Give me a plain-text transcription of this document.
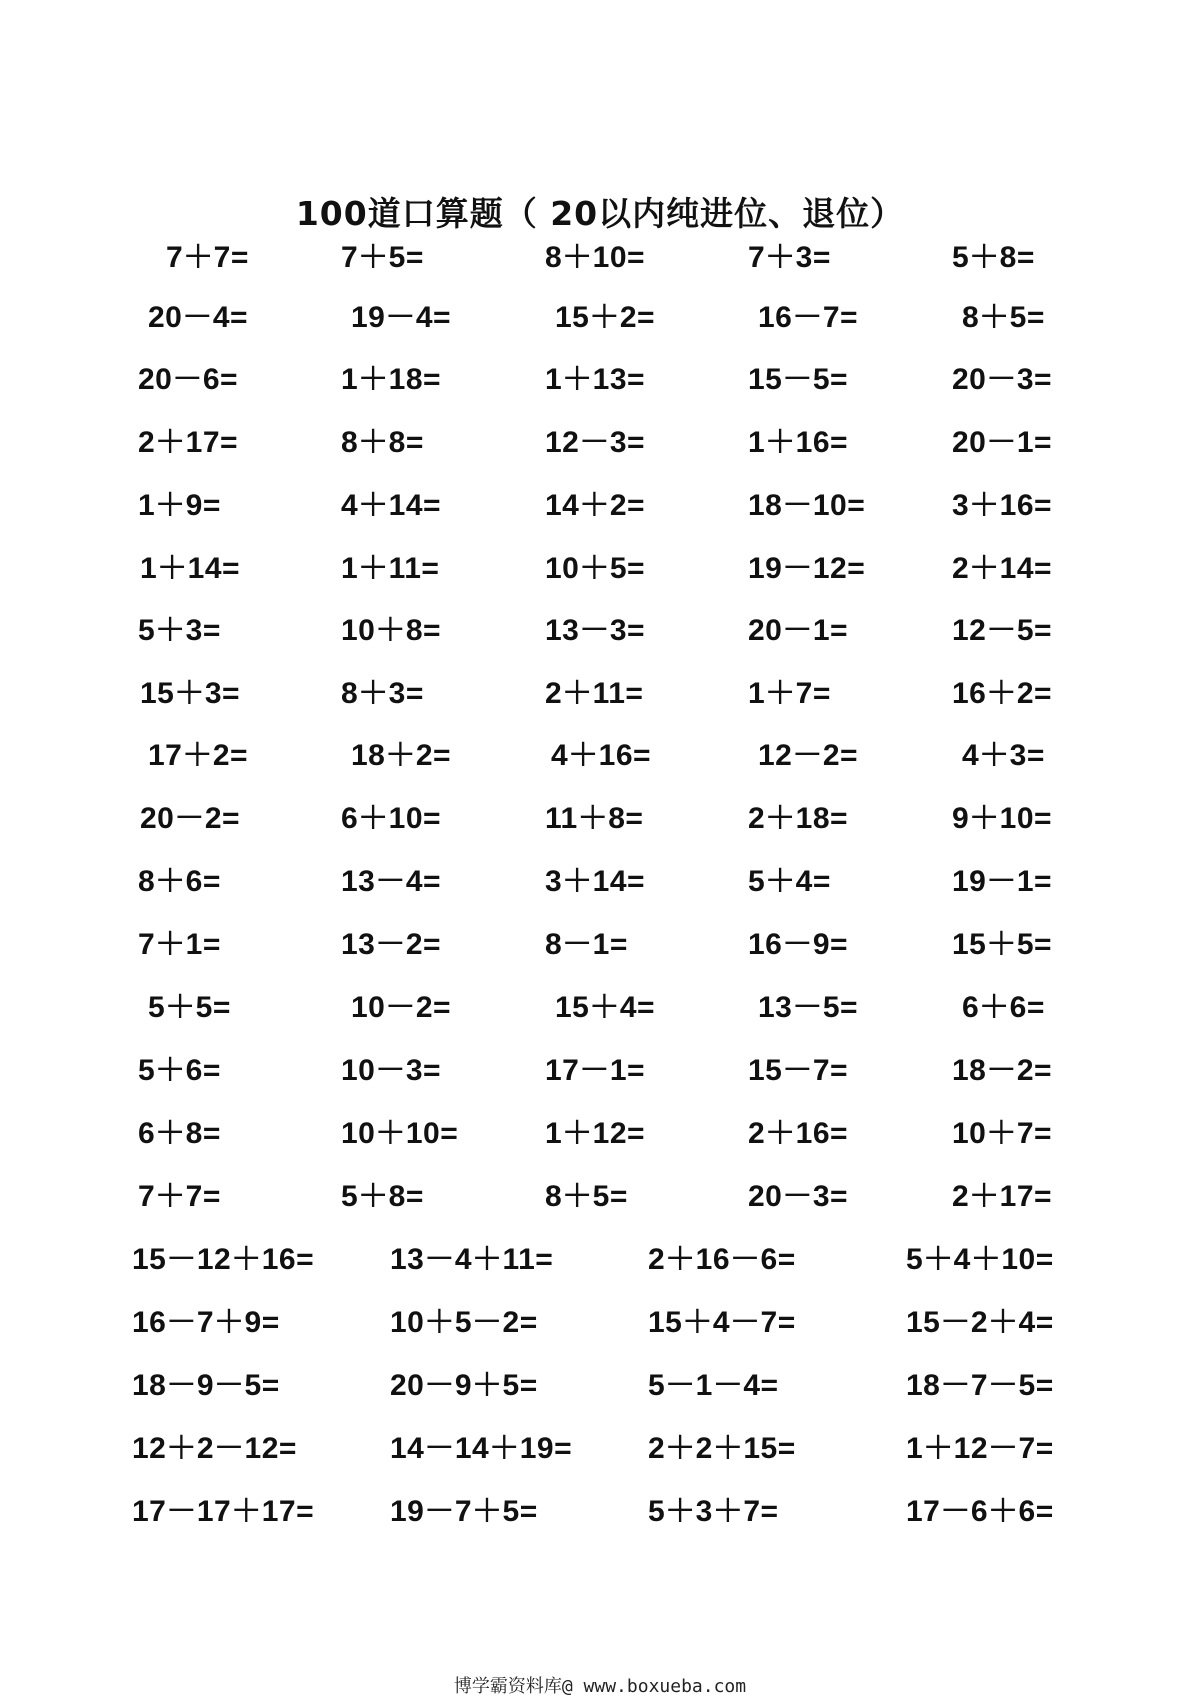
100道口算题（ 20以内纯进位、退位）
7＋7=	7＋5=	8＋10=	7＋3=	5＋8=
20－4=	19－4=	15＋2=	16－7=	8＋5=
20－6=	1＋18=	1＋13=	15－5=	20－3=
2＋17=	8＋8=	12－3=	1＋16=	20－1=
1＋9=	4＋14=	14＋2=	18－10=	3＋16=
1＋14=	1＋11=	10＋5=	19－12=	2＋14=
5＋3=	10＋8=	13－3=	20－1=	12－5=
15＋3=	8＋3=	2＋11=	1＋7=	16＋2=
17＋2=	18＋2=	4＋16=	12－2=	4＋3=
20－2=	6＋10=	11＋8=	2＋18=	9＋10=
8＋6=	13－4=	3＋14=	5＋4=	19－1=
7＋1=	13－2=	8－1=	16－9=	15＋5=
5＋5=	10－2=	15＋4=	13－5=	6＋6=
5＋6=	10－3=	17－1=	15－7=	18－2=
6＋8=	10＋10=	1＋12=	2＋16=	10＋7=
7＋7=	5＋8=	8＋5=	20－3=	2＋17=
15－12＋16=	13－4＋11=	2＋16－6=	5＋4＋10=
16－7＋9=	10＋5－2=	15＋4－7=	15－2＋4=
18－9－5=	20－9＋5=	5－1－4=	18－7－5=
12＋2－12=	14－14＋19=	2＋2＋15=	1＋12－7=
17－17＋17=	19－7＋5=	5＋3＋7=	17－6＋6=
博学霸资料库@ www.boxueba.com
